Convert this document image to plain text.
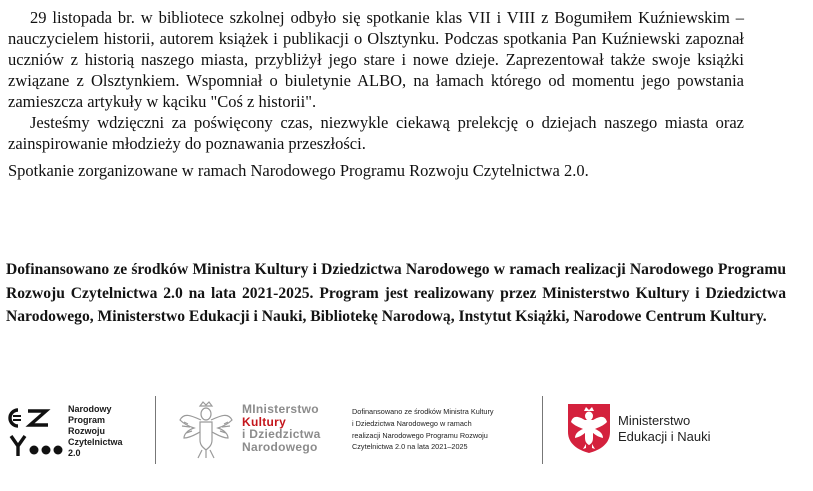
29 listopada br. w bibliotece szkolnej odbyło się spotkanie klas VII i VIII z Bogumiłem Kuźniewskim – nauczycielem historii, autorem książek i publikacji o Olsztynku. Podczas spotkania Pan Kuźniewski zapoznał uczniów z historią naszego miasta, przybliżył jego stare i nowe dzieje. Zaprezentował także swoje książki związane z Olsztynkiem. Wspomniał o biuletynie ALBO, na łamach którego od momentu jego powstania zamieszcza artykuły w kąciku "Coś z historii".

Jesteśmy wdzięczni za poświęcony czas, niezwykle ciekawą prelekcję o dziejach naszego miasta oraz zainspirowanie młodzieży do poznawania przeszłości.

Spotkanie zorganizowane w ramach Narodowego Programu Rozwoju Czytelnictwa 2.0.

Dofinansowano ze środków Ministra Kultury i Dziedzictwa Narodowego w ramach realizacji Narodowego Programu Rozwoju Czytelnictwa 2.0 na lata 2021-2025. Program jest realizowany przez Ministerstwo Kultury i Dziedzictwa Narodowego, Ministerstwo Edukacji i Nauki, Bibliotekę Narodową, Instytut Książki, Narodowe Centrum Kultury.
Narodowy
Program
Rozwoju
Czytelnictwa
2.0
MInisterstwo
Kultury
i Dziedzictwa
Narodowego
Dofinansowano ze środków Ministra Kultury
i Dziedzictwa Narodowego w ramach
realizacji Narodowego Programu Rozwoju
Czytelnictwa 2.0 na lata 2021–2025
Ministerstwo
Edukacji i Nauki
